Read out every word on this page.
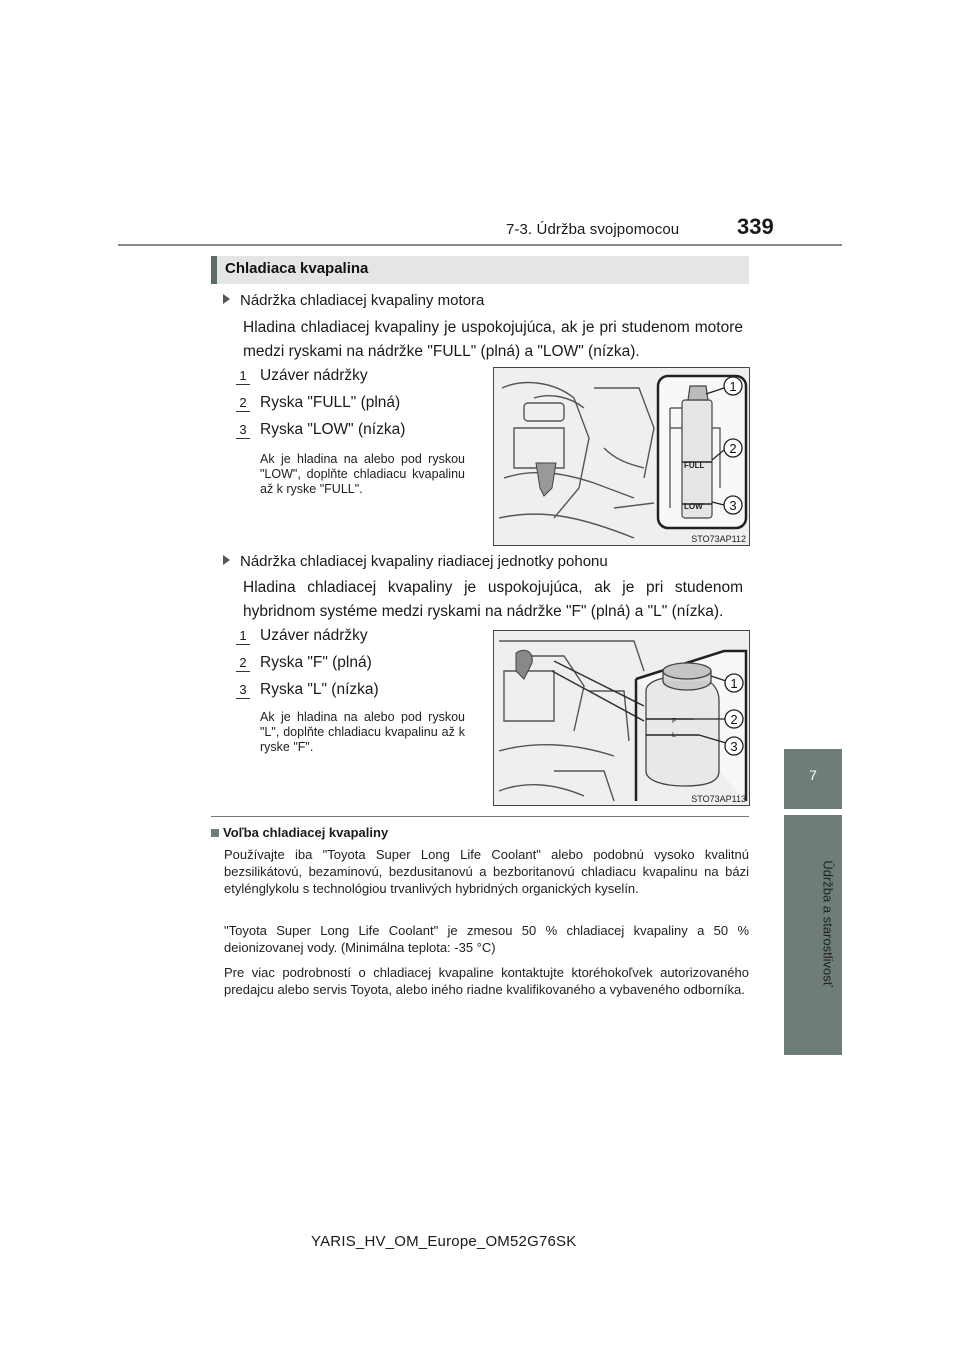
7-3. Údržba svojpomocou	339
7
Údržba a starostlivosť
Chladiaca kvapalina
Nádržka chladiacej kvapaliny motora
Hladina chladiacej kvapaliny je uspokojujúca, ak je pri studenom motore medzi ryskami na nádržke "FULL" (plná) a "LOW" (nízka).
1 Uzáver nádržky
2 Ryska "FULL" (plná)
3 Ryska "LOW" (nízka)
Ak je hladina na alebo pod ryskou "LOW", doplňte chladiacu kvapalinu až k ryske "FULL".
FULL
LOW
1
2
3
STO73AP112
Nádržka chladiacej kvapaliny riadiacej jednotky pohonu
Hladina chladiacej kvapaliny je uspokojujúca, ak je pri studenom hybridnom systéme medzi ryskami na nádržke "F" (plná) a "L" (nízka).
1 Uzáver nádržky
2 Ryska "F" (plná)
3 Ryska "L" (nízka)
Ak je hladina na alebo pod ryskou "L", doplňte chladiacu kvapalinu až k ryske "F".
F
L
1
2
3
STO73AP113
Voľba chladiacej kvapaliny
Používajte iba "Toyota Super Long Life Coolant" alebo podobnú vysoko kvalitnú bezsilikátovú, bezaminovú, bezdusitanovú a bezboritanovú chladiacu kvapalinu na bázi etylénglykolu s technológiou trvanlivých hybridných organických kyselín.
"Toyota Super Long Life Coolant" je zmesou 50 % chladiacej kvapaliny a 50 % deionizovanej vody. (Minimálna teplota: -35 °C)
Pre viac podrobností o chladiacej kvapaline kontaktujte ktoréhokoľvek autorizovaného predajcu alebo servis Toyota, alebo iného riadne kvalifikovaného a vybaveného odborníka.
YARIS_HV_OM_Europe_OM52G76SK
